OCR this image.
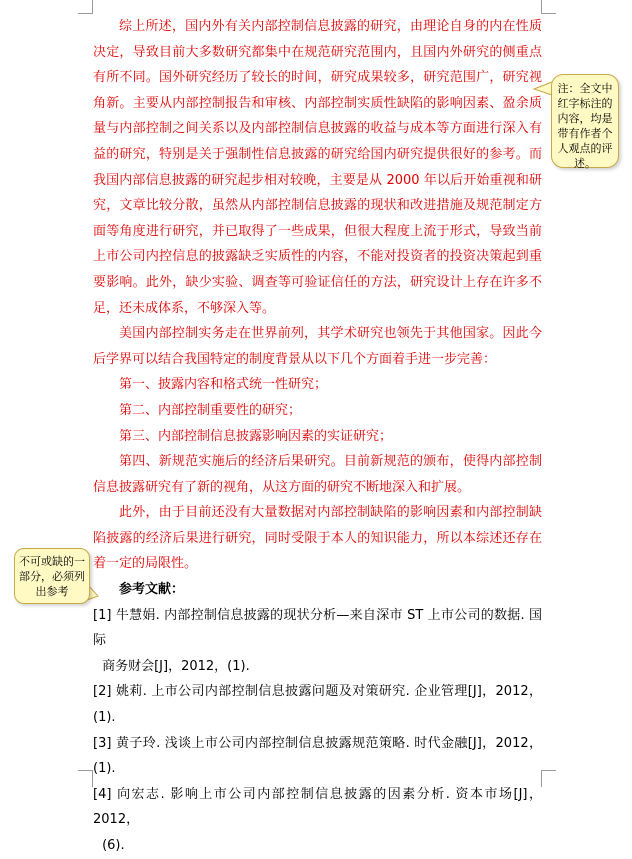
综上所述，国内外有关内部控制信息披露的研究，由理论自身的内在性质决定，导致目前大多数研究都集中在规范研究范围内，且国内外研究的侧重点有所不同。国外研究经历了较长的时间，研究成果较多，研究范围广，研究视角新。主要从内部控制报告和审核、内部控制实质性缺陷的影响因素、盈余质量与内部控制之间关系以及内部控制信息披露的收益与成本等方面进行深入有益的研究，特别是关于强制性信息披露的研究给国内研究提供很好的参考。而我国内部信息披露的研究起步相对较晚，主要是从 2000 年以后开始重视和研究，文章比较分散，虽然从内部控制信息披露的现状和改进措施及规范制定方面等角度进行研究，并已取得了一些成果，但很大程度上流于形式，导致当前上市公司内控信息的披露缺乏实质性的内容，不能对投资者的投资决策起到重要影响。此外，缺少实验、调查等可验证信任的方法，研究设计上存在许多不足，还未成体系，不够深入等。

美国内部控制实务走在世界前列，其学术研究也领先于其他国家。因此今后学界可以结合我国特定的制度背景从以下几个方面着手进一步完善：

第一、披露内容和格式统一性研究；

第二、内部控制重要性的研究；

第三、内部控制信息披露影响因素的实证研究；

第四、新规范实施后的经济后果研究。目前新规范的颁布，使得内部控制信息披露研究有了新的视角，从这方面的研究不断地深入和扩展。

此外，由于目前还没有大量数据对内部控制缺陷的影响因素和内部控制缺陷披露的经济后果进行研究，同时受限于本人的知识能力，所以本综述还存在着一定的局限性。

参考文献：

[1] 牛慧娟. 内部控制信息披露的现状分析—来自深市 ST 上市公司的数据. 国际
商务财会[J]，2012，(1).
[2] 姚莉. 上市公司内部控制信息披露问题及对策研究. 企业管理[J]，2012，(1).
[3] 黄子玲. 浅谈上市公司内部控制信息披露规范策略. 时代金融[J]，2012，(1).
[4] 向宏志. 影响上市公司内部控制信息披露的因素分析. 资本市场[J]，2012，
(6).
注：全文中红字标注的内容，均是带有作者个人观点的评述。
不可或缺的一部分，必须列出参考
